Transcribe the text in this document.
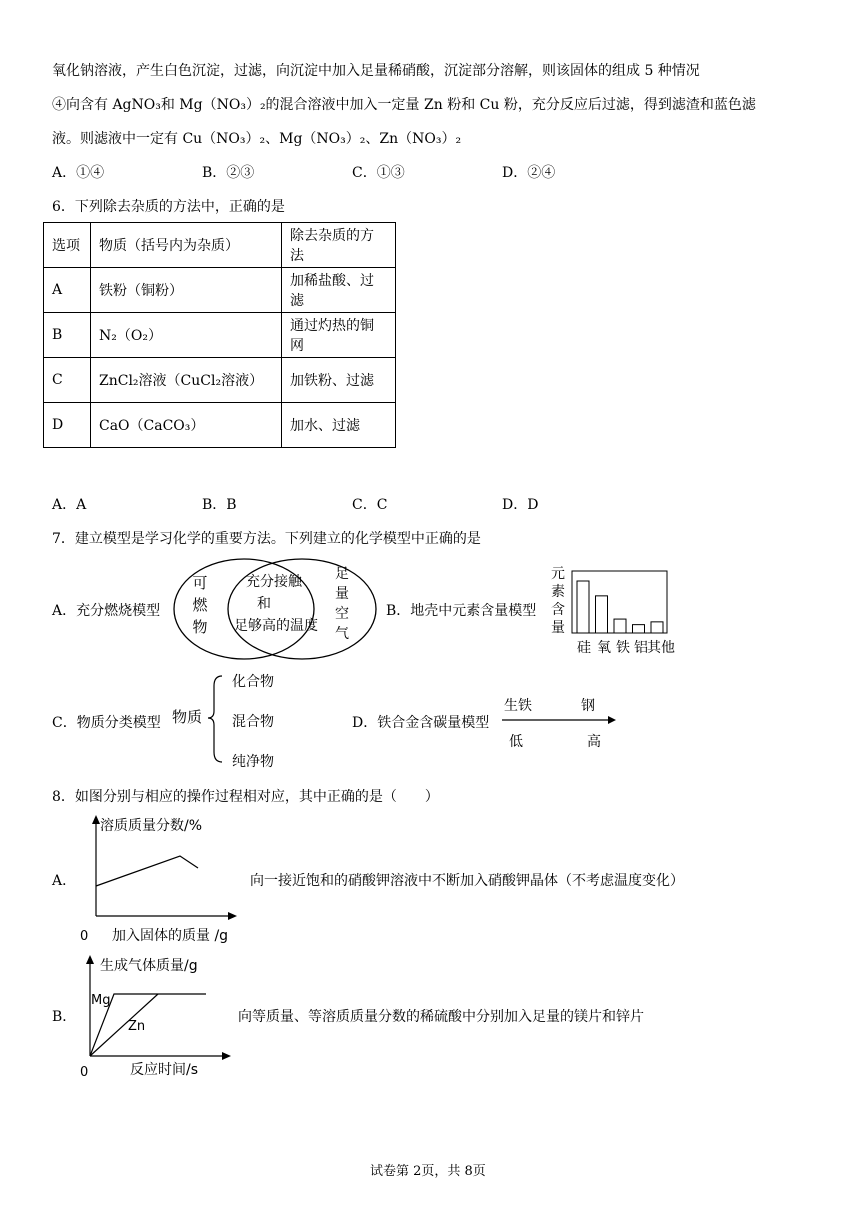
氧化钠溶液，产生白色沉淀，过滤，向沉淀中加入足量稀硝酸，沉淀部分溶解，则该固体的组成 5 种情况
④向含有 AgNO₃和 Mg（NO₃）₂的混合溶液中加入一定量 Zn 粉和 Cu 粉，充分反应后过滤，得到滤渣和蓝色滤
液。则滤液中一定有 Cu（NO₃）₂、Mg（NO₃）₂、Zn（NO₃）₂
A．①④	B．②③	C．①③	D．②④
6．下列除去杂质的方法中，正确的是
选项	物质（括号内为杂质）	除去杂质的方法
A	铁粉（铜粉）	加稀盐酸、过滤
B	N₂（O₂）	通过灼热的铜网
C	ZnCl₂溶液（CuCl₂溶液）	加铁粉、过滤
D	CaO（CaCO₃）	加水、过滤
A．A	B．B	C．C	D．D
7．建立模型是学习化学的重要方法。下列建立的化学模型中正确的是
A．充分燃烧模型
可
燃
物
充分接触
和
足够高的温度
足
量
空
气
B．地壳中元素含量模型
元
素
含
量
硅 氧 铁 铝 其他
C．物质分类模型 物质
化合物
混合物
纯净物
D．铁合金含碳量模型
生铁	钢
低	高
8．如图分别与相应的操作过程相对应，其中正确的是（　　）
A．
溶质质量分数/%
0 加入固体的质量 /g
向一接近饱和的硝酸钾溶液中不断加入硝酸钾晶体（不考虑温度变化）
B．
生成气体质量/g
Mg
Zn
0	反应时间/s
向等质量、等溶质质量分数的稀硫酸中分别加入足量的镁片和锌片
试卷第 2页，共 8页
